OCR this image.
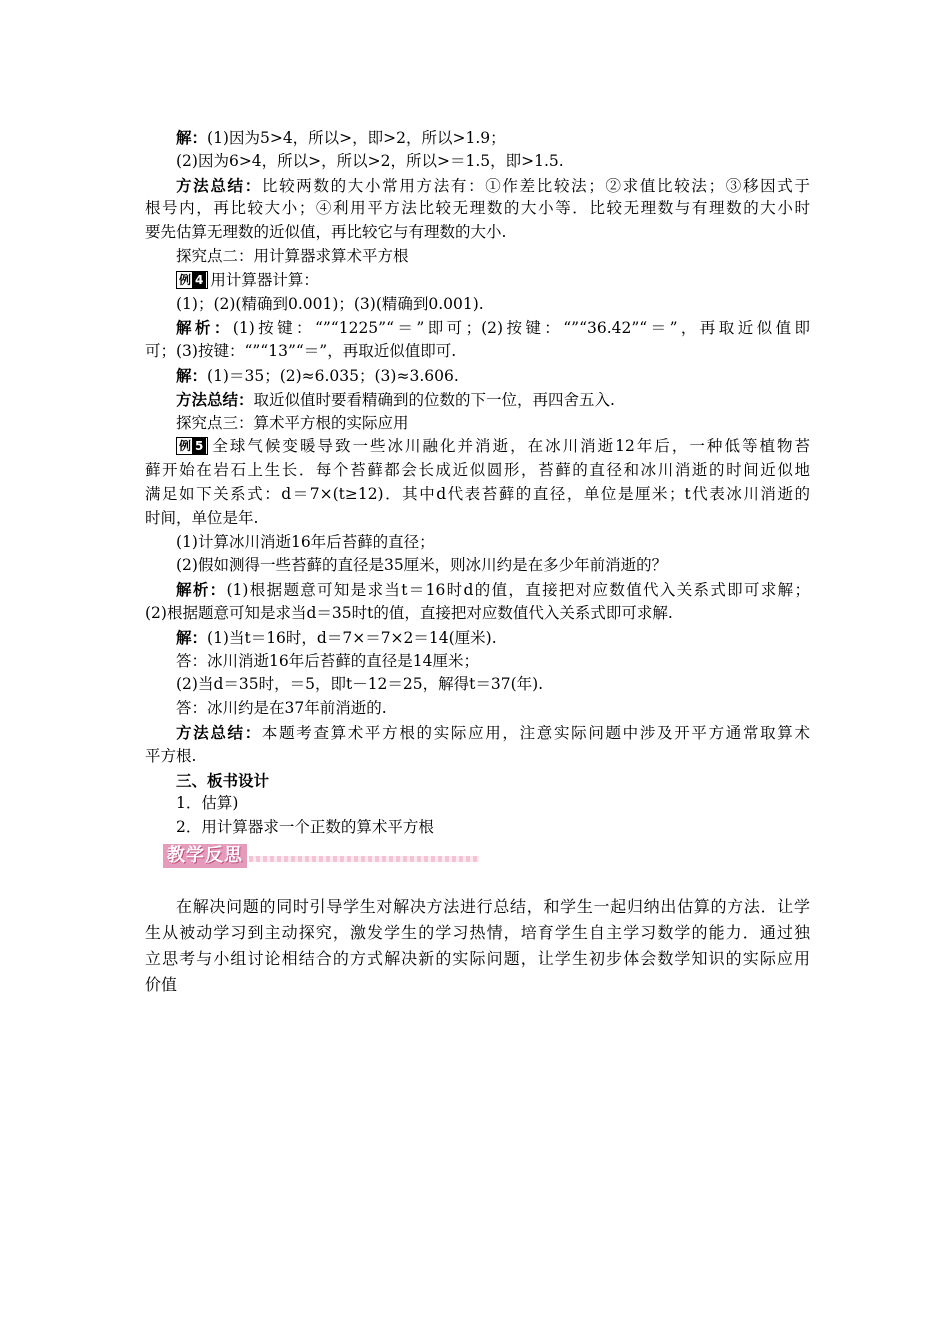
解：(1)因为5>4，所以>，即>2，所以>1.9；
(2)因为6>4，所以>，所以>2，所以>＝1.5，即>1.5.
方法总结：比较两数的大小常用方法有：①作差比较法；②求值比较法；③移因式于
根号内，再比较大小；④利用平方法比较无理数的大小等．比较无理数与有理数的大小时
要先估算无理数的近似值，再比较它与有理数的大小.
探究点二：用计算器求算术平方根
例 4 用计算器计算：
(1)；(2)(精确到0.001)；(3)(精确到0.001).
解析：(1)按键：“”“1225”“＝”即可；(2)按键：“”“36.42”“＝”，再取近似值即
可；(3)按键：“”“13”“＝”，再取近似值即可.
解：(1)＝35；(2)≈6.035；(3)≈3.606.
方法总结：取近似值时要看精确到的位数的下一位，再四舍五入.
探究点三：算术平方根的实际应用
例 5 全球气候变暖导致一些冰川融化并消逝，在冰川消逝12年后，一种低等植物苔
藓开始在岩石上生长．每个苔藓都会长成近似圆形，苔藓的直径和冰川消逝的时间近似地
满足如下关系式：d＝7×(t≥12)．其中d代表苔藓的直径，单位是厘米；t代表冰川消逝的
时间，单位是年.
(1)计算冰川消逝16年后苔藓的直径；
(2)假如测得一些苔藓的直径是35厘米，则冰川约是在多少年前消逝的？
解析：(1)根据题意可知是求当t＝16时d的值，直接把对应数值代入关系式即可求解；
(2)根据题意可知是求当d＝35时t的值，直接把对应数值代入关系式即可求解.
解：(1)当t＝16时，d＝7×＝7×2＝14(厘米).
答：冰川消逝16年后苔藓的直径是14厘米；
(2)当d＝35时，＝5，即t－12＝25，解得t＝37(年).
答：冰川约是在37年前消逝的.
方法总结：本题考查算术平方根的实际应用，注意实际问题中涉及开平方通常取算术
平方根.
三、板书设计
1．估算)
2．用计算器求一个正数的算术平方根
教学反思
在解决问题的同时引导学生对解决方法进行总结，和学生一起归纳出估算的方法．让学
生从被动学习到主动探究，激发学生的学习热情，培育学生自主学习数学的能力．通过独
立思考与小组讨论相结合的方式解决新的实际问题，让学生初步体会数学知识的实际应用
价值
